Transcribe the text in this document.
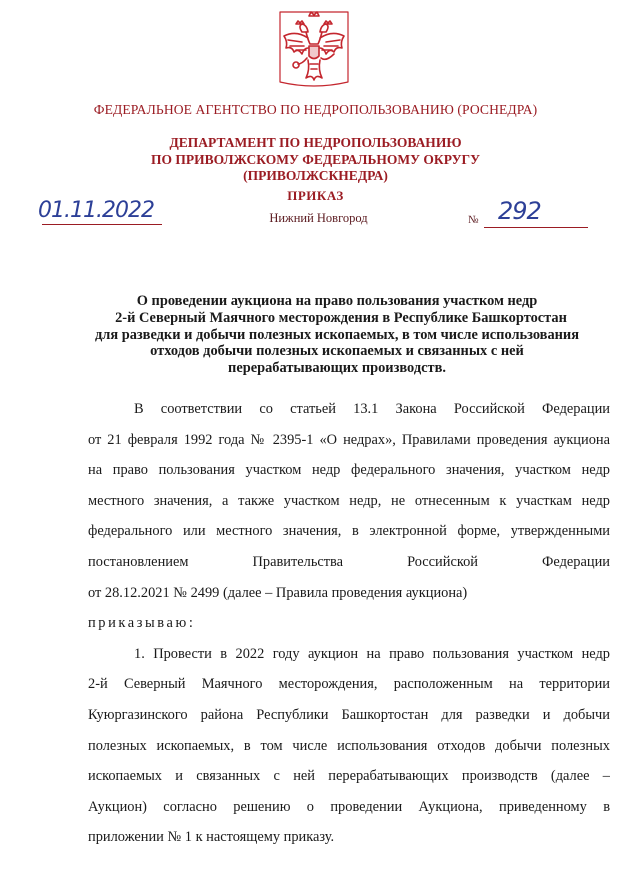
ФЕДЕРАЛЬНОЕ АГЕНТСТВО ПО НЕДРОПОЛЬЗОВАНИЮ (РОСНЕДРА)
ДЕПАРТАМЕНТ ПО НЕДРОПОЛЬЗОВАНИЮ
ПО ПРИВОЛЖСКОМУ ФЕДЕРАЛЬНОМУ ОКРУГУ
(ПРИВОЛЖСКНЕДРА)
ПРИКАЗ
01.11.2022	Нижний Новгород	№ 292
О проведении аукциона на право пользования участком недр
2-й Северный Маячного месторождения в Республике Башкортостан
для разведки и добычи полезных ископаемых, в том числе использования
отходов добычи полезных ископаемых и связанных с ней
перерабатывающих производств.
В соответствии со статьей 13.1 Закона Российской Федерации
от 21 февраля 1992 года № 2395-1 «О недрах», Правилами проведения аукциона
на право пользования участком недр федерального значения, участком недр
местного значения, а также участком недр, не отнесенным к участкам недр
федерального или местного значения, в электронной форме, утвержденными
постановлением Правительства Российской Федерации
от 28.12.2021 № 2499 (далее – Правила проведения аукциона)
приказываю:
1. Провести в 2022 году аукцион на право пользования участком недр
2-й Северный Маячного месторождения, расположенным на территории
Куюргазинского района Республики Башкортостан для разведки и добычи
полезных ископаемых, в том числе использования отходов добычи полезных
ископаемых и связанных с ней перерабатывающих производств (далее –
Аукцион) согласно решению о проведении Аукциона, приведенному в
приложении № 1 к настоящему приказу.
